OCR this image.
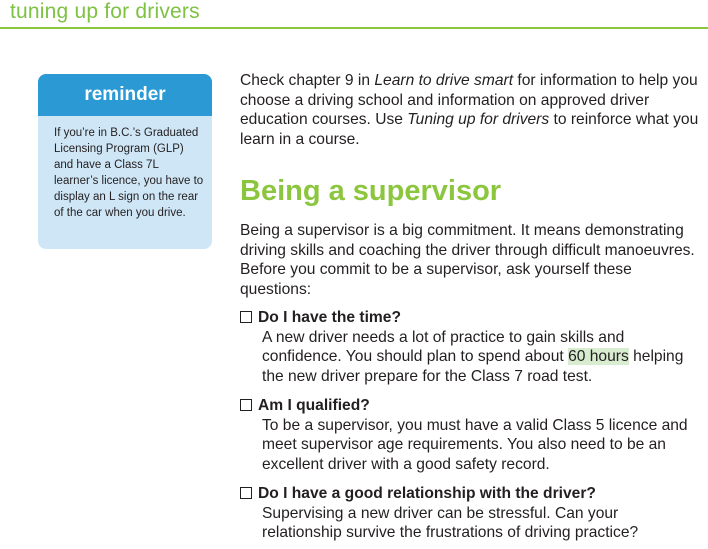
tuning up for drivers
reminder
If you’re in B.C.’s Graduated Licensing Program (GLP) and have a Class 7L learner’s licence, you have to display an L sign on the rear of the car when you drive.
Check chapter 9 in Learn to drive smart for information to help you choose a driving school and information on approved driver education courses. Use Tuning up for drivers to reinforce what you learn in a course.
Being a supervisor
Being a supervisor is a big commitment. It means demonstrating driving skills and coaching the driver through difficult manoeuvres. Before you commit to be a supervisor, ask yourself these questions:
Do I have the time?
A new driver needs a lot of practice to gain skills and confidence. You should plan to spend about 60 hours helping the new driver prepare for the Class 7 road test.
Am I qualified?
To be a supervisor, you must have a valid Class 5 licence and meet supervisor age requirements. You also need to be an excellent driver with a good safety record.
Do I have a good relationship with the driver?
Supervising a new driver can be stressful. Can your relationship survive the frustrations of driving practice?
